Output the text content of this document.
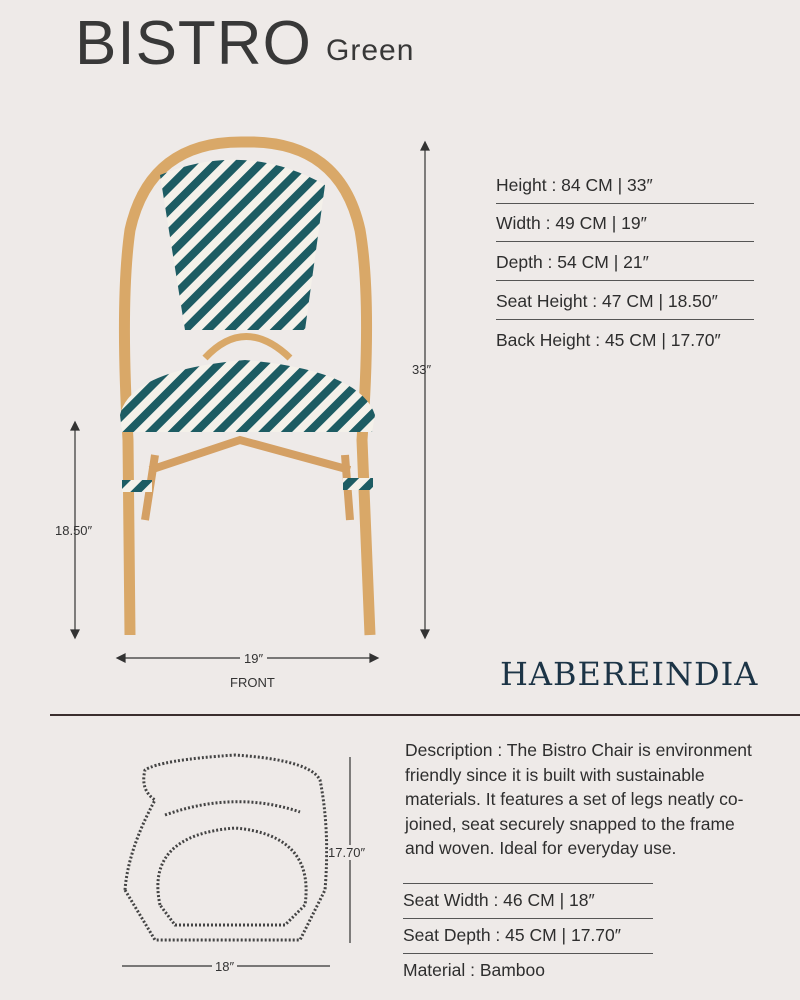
BISTRO Green
Height : 84 CM | 33″
Width : 49 CM | 19″
Depth : 54 CM | 21″
Seat Height : 47 CM | 18.50″
Back Height : 45 CM | 17.70″
33″
18.50″
19″
FRONT	HABEREINDIA
17.70″
18″
Description : The Bistro Chair is environment friendly since it is built with sustainable materials. It features a set of legs neatly co-joined, seat securely snapped to the frame and woven. Ideal for everyday use.
Seat Width : 46 CM | 18″
Seat Depth : 45 CM | 17.70″
Material : Bamboo
